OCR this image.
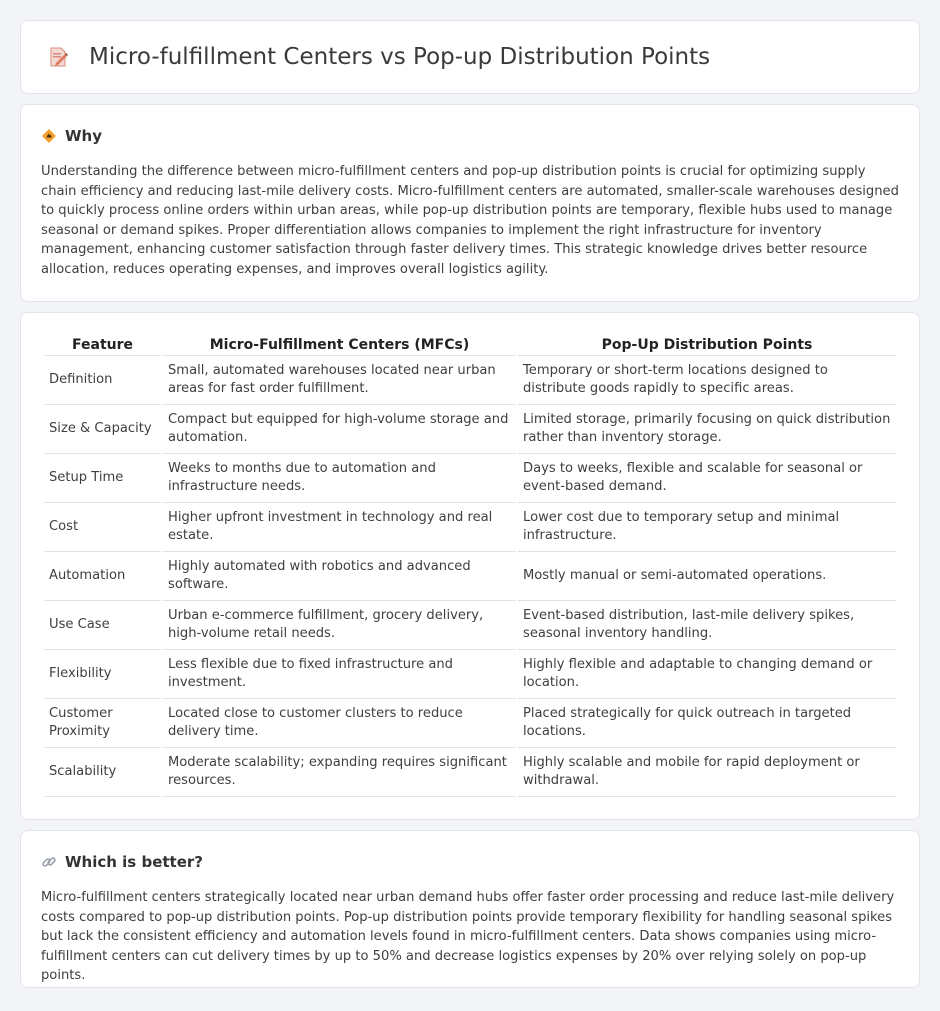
Micro-fulfillment Centers vs Pop-up Distribution Points
Why

Understanding the difference between micro-fulfillment centers and pop-up distribution points is crucial for optimizing supply chain efficiency and reducing last-mile delivery costs. Micro-fulfillment centers are automated, smaller-scale warehouses designed to quickly process online orders within urban areas, while pop-up distribution points are temporary, flexible hubs used to manage seasonal or demand spikes. Proper differentiation allows companies to implement the right infrastructure for inventory management, enhancing customer satisfaction through faster delivery times. This strategic knowledge drives better resource allocation, reduces operating expenses, and improves overall logistics agility.

Feature	Micro-Fulfillment Centers (MFCs)	Pop-Up Distribution Points
Definition	Small, automated warehouses located near urban areas for fast order fulfillment.	Temporary or short-term locations designed to distribute goods rapidly to specific areas.
Size & Capacity	Compact but equipped for high-volume storage and automation.	Limited storage, primarily focusing on quick distribution rather than inventory storage.
Setup Time	Weeks to months due to automation and infrastructure needs.	Days to weeks, flexible and scalable for seasonal or event-based demand.
Cost	Higher upfront investment in technology and real estate.	Lower cost due to temporary setup and minimal infrastructure.
Automation	Highly automated with robotics and advanced software.	Mostly manual or semi-automated operations.
Use Case	Urban e-commerce fulfillment, grocery delivery, high-volume retail needs.	Event-based distribution, last-mile delivery spikes, seasonal inventory handling.
Flexibility	Less flexible due to fixed infrastructure and investment.	Highly flexible and adaptable to changing demand or location.
Customer Proximity	Located close to customer clusters to reduce delivery time.	Placed strategically for quick outreach in targeted locations.
Scalability	Moderate scalability; expanding requires significant resources.	Highly scalable and mobile for rapid deployment or withdrawal.
Which is better?

Micro-fulfillment centers strategically located near urban demand hubs offer faster order processing and reduce last-mile delivery costs compared to pop-up distribution points. Pop-up distribution points provide temporary flexibility for handling seasonal spikes but lack the consistent efficiency and automation levels found in micro-fulfillment centers. Data shows companies using micro-fulfillment centers can cut delivery times by up to 50% and decrease logistics expenses by 20% over relying solely on pop-up points.
